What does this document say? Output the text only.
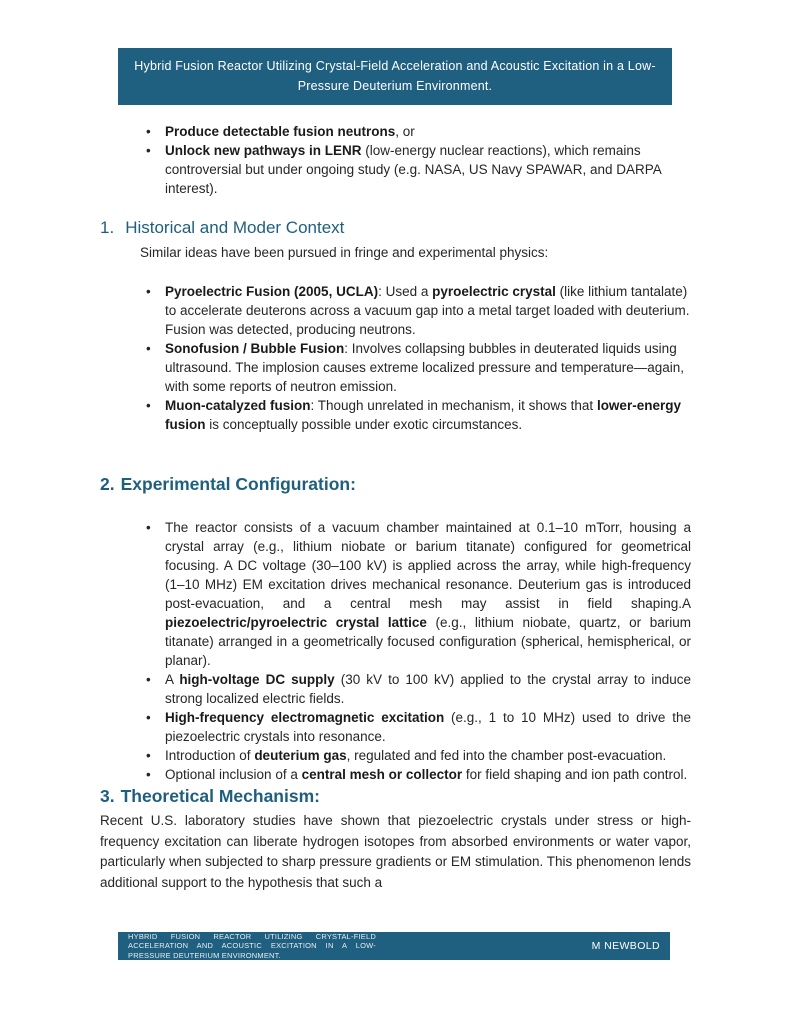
Hybrid Fusion Reactor Utilizing Crystal-Field Acceleration and Acoustic Excitation in a Low-Pressure Deuterium Environment.
• Produce detectable fusion neutrons, or
• Unlock new pathways in LENR (low-energy nuclear reactions), which remains controversial but under ongoing study (e.g. NASA, US Navy SPAWAR, and DARPA interest).
1. Historical and Moder Context

Similar ideas have been pursued in fringe and experimental physics:

• Pyroelectric Fusion (2005, UCLA): Used a pyroelectric crystal (like lithium tantalate) to accelerate deuterons across a vacuum gap into a metal target loaded with deuterium. Fusion was detected, producing neutrons.
• Sonofusion / Bubble Fusion: Involves collapsing bubbles in deuterated liquids using ultrasound. The implosion causes extreme localized pressure and temperature—again, with some reports of neutron emission.
• Muon-catalyzed fusion: Though unrelated in mechanism, it shows that lower-energy fusion is conceptually possible under exotic circumstances.
2. Experimental Configuration:
• The reactor consists of a vacuum chamber maintained at 0.1–10 mTorr, housing a crystal array (e.g., lithium niobate or barium titanate) configured for geometrical focusing. A DC voltage (30–100 kV) is applied across the array, while high-frequency (1–10 MHz) EM excitation drives mechanical resonance. Deuterium gas is introduced post-evacuation, and a central mesh may assist in field shaping.A piezoelectric/pyroelectric crystal lattice (e.g., lithium niobate, quartz, or barium titanate) arranged in a geometrically focused configuration (spherical, hemispherical, or planar).
• A high-voltage DC supply (30 kV to 100 kV) applied to the crystal array to induce strong localized electric fields.
• High-frequency electromagnetic excitation (e.g., 1 to 10 MHz) used to drive the piezoelectric crystals into resonance.
• Introduction of deuterium gas, regulated and fed into the chamber post-evacuation.
• Optional inclusion of a central mesh or collector for field shaping and ion path control.
3. Theoretical Mechanism:

Recent U.S. laboratory studies have shown that piezoelectric crystals under stress or high-frequency excitation can liberate hydrogen isotopes from absorbed environments or water vapor, particularly when subjected to sharp pressure gradients or EM stimulation. This phenomenon lends additional support to the hypothesis that such a

HYBRID FUSION REACTOR UTILIZING CRYSTAL-FIELD ACCELERATION AND ACOUSTIC EXCITATION IN A LOW-PRESSURE DEUTERIUM ENVIRONMENT.
M NEWBOLD
